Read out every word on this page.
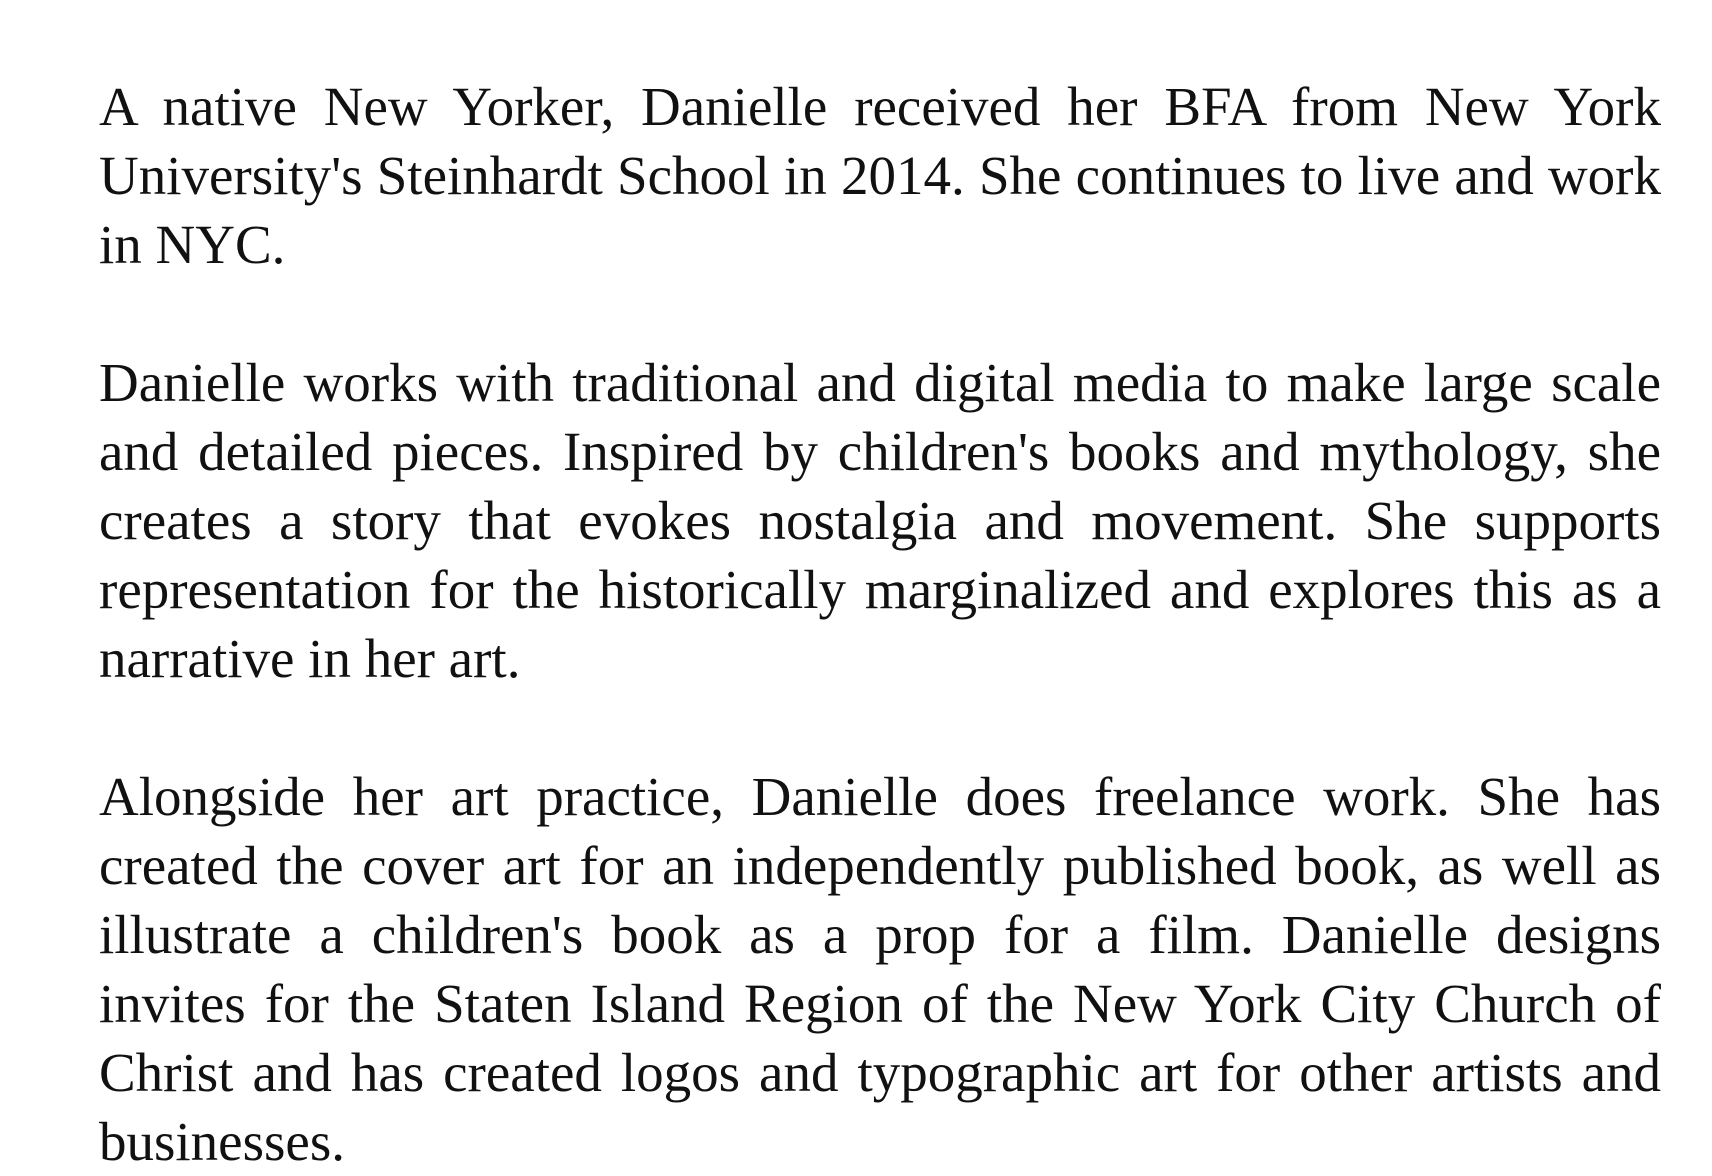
A native New Yorker, Danielle received her BFA from New York University's Steinhardt School in 2014. She continues to live and work in NYC.

Danielle works with traditional and digital media to make large scale and detailed pieces. Inspired by children's books and mythology, she creates a story that evokes nostalgia and movement. She supports representation for the historically marginalized and explores this as a narrative in her art.

Alongside her art practice, Danielle does freelance work. She has created the cover art for an independently published book, as well as illustrate a children's book as a prop for a film. Danielle designs invites for the Staten Island Region of the New York City Church of Christ and has created logos and typographic art for other artists and businesses.
